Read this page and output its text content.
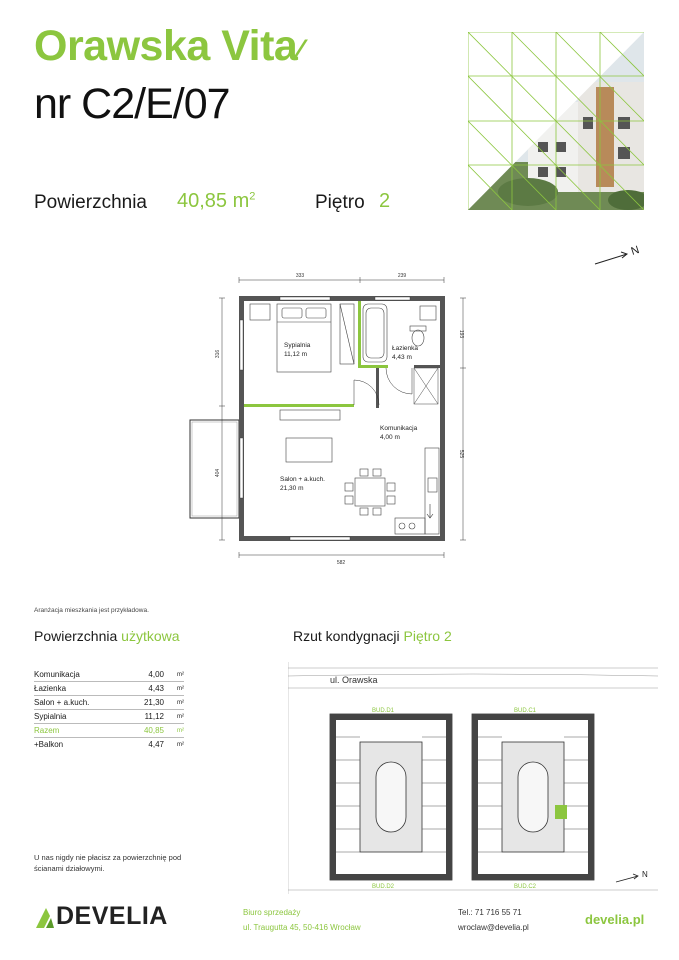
Orawska Vita⁄
nr C2/E/07
Powierzchnia 40,85 $m^2$	Piętro 2
N
333	239
316
193
404
525
582
Sypialnia
11,12 m
Łazienka
4,43 m
Komunikacja
4,00 m
Salon + a.kuch.
21,30 m
Aranżacja mieszkania jest przykładowa.
Powierzchnia użytkowa	Rzut kondygnacji Piętro 2
Komunikacja	4,00	m²
Łazienka	4,43	m²
Salon + a.kuch.	21,30	m²
Sypialnia	11,12	m²
Razem	40,85	m²
+Balkon	4,47	m²
U nas nigdy nie płacisz za powierzchnię pod ścianami działowymi.
ul. Orawska
BUD.D1	BUD.C1
BUD.D2	BUD.C2
N
DEVELIA	Biuro sprzedaży
ul. Traugutta 45, 50-416 Wrocław
Tel.: 71 716 55 71
wroclaw@develia.pl
develia.pl
